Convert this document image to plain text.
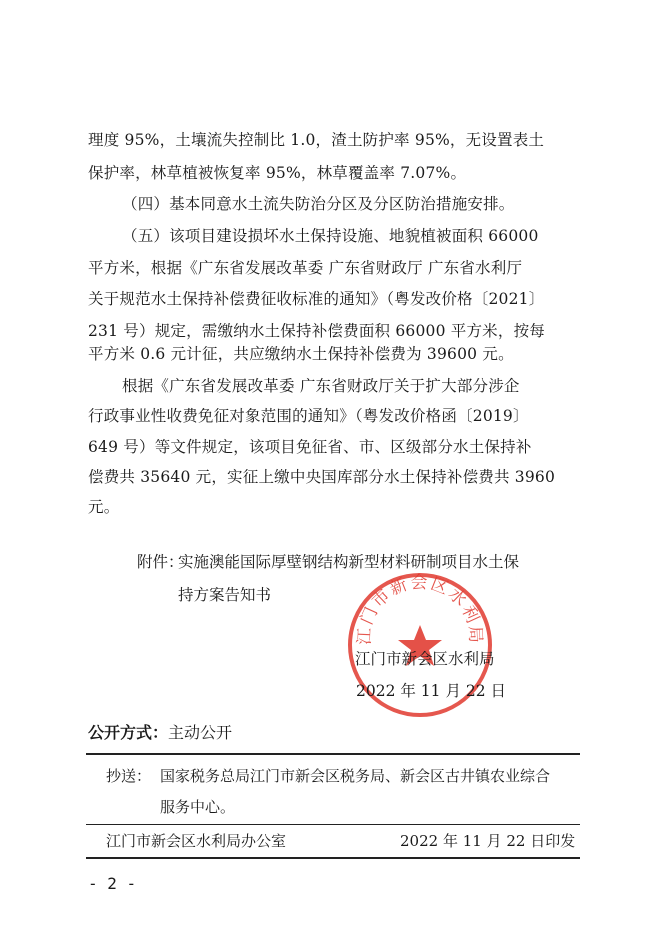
理度 95%，土壤流失控制比 1.0，渣土防护率 95%，无设置表土
保护率，林草植被恢复率 95%，林草覆盖率 7.07%。
（四）基本同意水土流失防治分区及分区防治措施安排。
（五）该项目建设损坏水土保持设施、地貌植被面积 66000
平方米，根据《广东省发展改革委 广东省财政厅 广东省水利厅
关于规范水土保持补偿费征收标准的通知》（粤发改价格〔2021〕
231 号）规定，需缴纳水土保持补偿费面积 66000 平方米，按每
平方米 0.6 元计征，共应缴纳水土保持补偿费为 39600 元。
根据《广东省发展改革委 广东省财政厅关于扩大部分涉企
行政事业性收费免征对象范围的通知》（粤发改价格函〔2019〕
649 号）等文件规定，该项目免征省、市、区级部分水土保持补
偿费共 35640 元，实征上缴中央国库部分水土保持补偿费共 3960
元。
附件：
实施澳能国际厚壁钢结构新型材料研制项目水土保
持方案告知书
江门市新会区水利局
江门市新会区水利局
2022 年 11 月 22 日
公开方式：主动公开
抄送： 国家税务总局江门市新会区税务局、新会区古井镇农业综合
服务中心。
江门市新会区水利局办公室	2022 年 11 月 22 日印发
- 2 -
